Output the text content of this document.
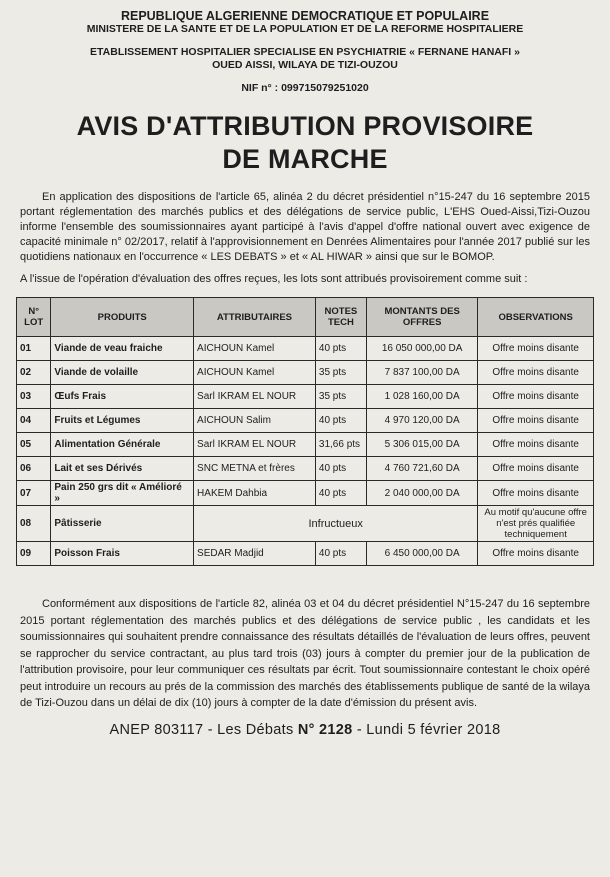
REPUBLIQUE ALGERIENNE DEMOCRATIQUE ET POPULAIRE
MINISTERE DE LA SANTE ET DE LA POPULATION ET DE LA REFORME HOSPITALIERE
ETABLISSEMENT HOSPITALIER SPECIALISE EN PSYCHIATRIE « FERNANE HANAFI »
OUED AISSI, WILAYA DE TIZI-OUZOU
NIF n° : 099715079251020
AVIS D'ATTRIBUTION PROVISOIRE
DE MARCHE

En application des dispositions de l'article 65, alinéa 2 du décret présidentiel n°15-247 du 16 septembre 2015 portant réglementation des marchés publics et des délégations de service public, L'EHS Oued-Aissi,Tizi-Ouzou informe l'ensemble des soumissionnaires ayant participé à l'avis d'appel d'offre national ouvert avec exigence de capacité minimale n° 02/2017, relatif à l'approvisionnement en Denrées Alimentaires pour l'année 2017 publié sur les quotidiens nationaux en l'occurrence « LES DEBATS » et « AL HIWAR » ainsi que sur le BOMOP.

A l'issue de l'opération d'évaluation des offres reçues, les lots sont attribués provisoirement comme suit :
N° LOT	PRODUITS	ATTRIBUTAIRES	NOTES TECH	MONTANTS DES OFFRES	OBSERVATIONS
01	Viande de veau fraiche	AICHOUN Kamel	40 pts	16 050 000,00 DA	Offre moins disante
02	Viande de volaille	AICHOUN Kamel	35 pts	7 837 100,00 DA	Offre moins disante
03	Œufs Frais	Sarl IKRAM EL NOUR	35 pts	1 028 160,00 DA	Offre moins disante
04	Fruits et Légumes	AICHOUN Salim	40 pts	4 970 120,00 DA	Offre moins disante
05	Alimentation Générale	Sarl IKRAM EL NOUR	31,66 pts	5 306 015,00 DA	Offre moins disante
06	Lait et ses Dérivés	SNC METNA et frères	40 pts	4 760 721,60 DA	Offre moins disante
07	Pain 250 grs dit « Amélioré »	HAKEM Dahbia	40 pts	2 040 000,00 DA	Offre moins disante
08	Pâtisserie	Infructueux			Au motif qu'aucune offre n'est prés qualifiée techniquement
09	Poisson Frais	SEDAR Madjid	40 pts	6 450 000,00 DA	Offre moins disante

Conformément aux dispositions de l'article 82, alinéa 03 et 04 du décret présidentiel N°15-247 du 16 septembre 2015 portant réglementation des marchés publics et des délégations de service public , les candidats et les soumissionnaires qui souhaitent prendre connaissance des résultats détaillés de l'évaluation de leurs offres, peuvent se rapprocher du service contractant, au plus tard trois (03) jours à compter du premier jour de la publication de l'attribution provisoire, pour leur communiquer ces résultats par écrit. Tout soumissionnaire contestant le choix opéré peut introduire un recours au prés de la commission des marchés des établissements publique de santé de la wilaya de Tizi-Ouzou dans un délai de dix (10) jours à compter de la date d'émission du présent avis.

ANEP 803117 - Les Débats N° 2128 - Lundi 5 février 2018
